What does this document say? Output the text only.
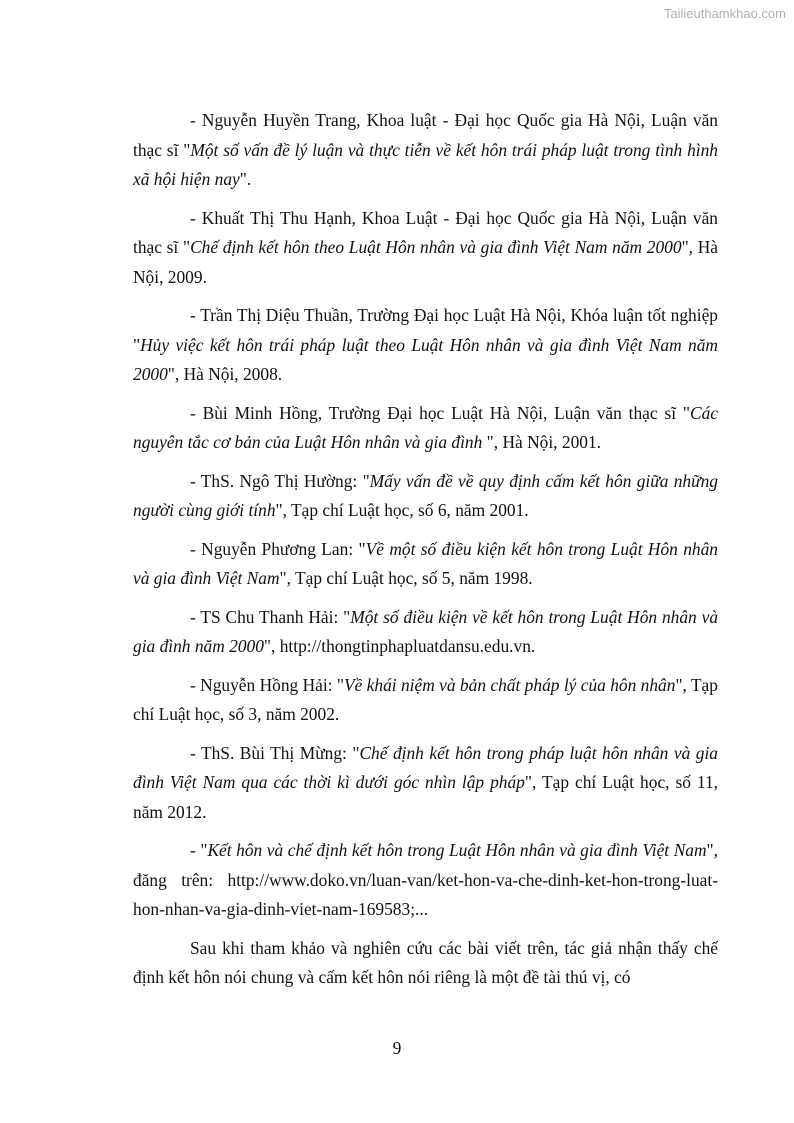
Tailieuthamkhao.com

- Nguyễn Huyền Trang, Khoa luật - Đại học Quốc gia Hà Nội, Luận văn thạc sĩ "Một số vấn đề lý luận và thực tiễn về kết hôn trái pháp luật trong tình hình xã hội hiện nay".

- Khuất Thị Thu Hạnh, Khoa Luật - Đại học Quốc gia Hà Nội, Luận văn thạc sĩ "Chế định kết hôn theo Luật Hôn nhân và gia đình Việt Nam năm 2000", Hà Nội, 2009.

- Trần Thị Diệu Thuần, Trường Đại học Luật Hà Nội, Khóa luận tốt nghiệp "Hủy việc kết hôn trái pháp luật theo Luật Hôn nhân và gia đình Việt Nam năm 2000", Hà Nội, 2008.

- Bùi Minh Hồng, Trường Đại học Luật Hà Nội, Luận văn thạc sĩ "Các nguyên tắc cơ bản của Luật Hôn nhân và gia đình ", Hà Nội, 2001.

- ThS. Ngô Thị Hường: "Mấy vấn đề về quy định cấm kết hôn giữa những người cùng giới tính", Tạp chí Luật học, số 6, năm 2001.

- Nguyễn Phương Lan: "Về một số điều kiện kết hôn trong Luật Hôn nhân và gia đình Việt Nam", Tạp chí Luật học, số 5, năm 1998.

- TS Chu Thanh Hải: "Một số điều kiện về kết hôn trong Luật Hôn nhân và gia đình năm 2000", http://thongtinphapluatdansu.edu.vn.

- Nguyễn Hồng Hải: "Về khái niệm và bản chất pháp lý của hôn nhân", Tạp chí Luật học, số 3, năm 2002.

- ThS. Bùi Thị Mừng: "Chế định kết hôn trong pháp luật hôn nhân và gia đình Việt Nam qua các thời kì dưới góc nhìn lập pháp", Tạp chí Luật học, số 11, năm 2012.

- "Kết hôn và chế định kết hôn trong Luật Hôn nhân và gia đình Việt Nam", đăng trên: http://www.doko.vn/luan-van/ket-hon-va-che-dinh-ket-hon-trong-luat-hon-nhan-va-gia-dinh-viet-nam-169583;...

Sau khi tham khảo và nghiên cứu các bài viết trên, tác giả nhận thấy chế định kết hôn nói chung và cấm kết hôn nói riêng là một đề tài thú vị, có

9
